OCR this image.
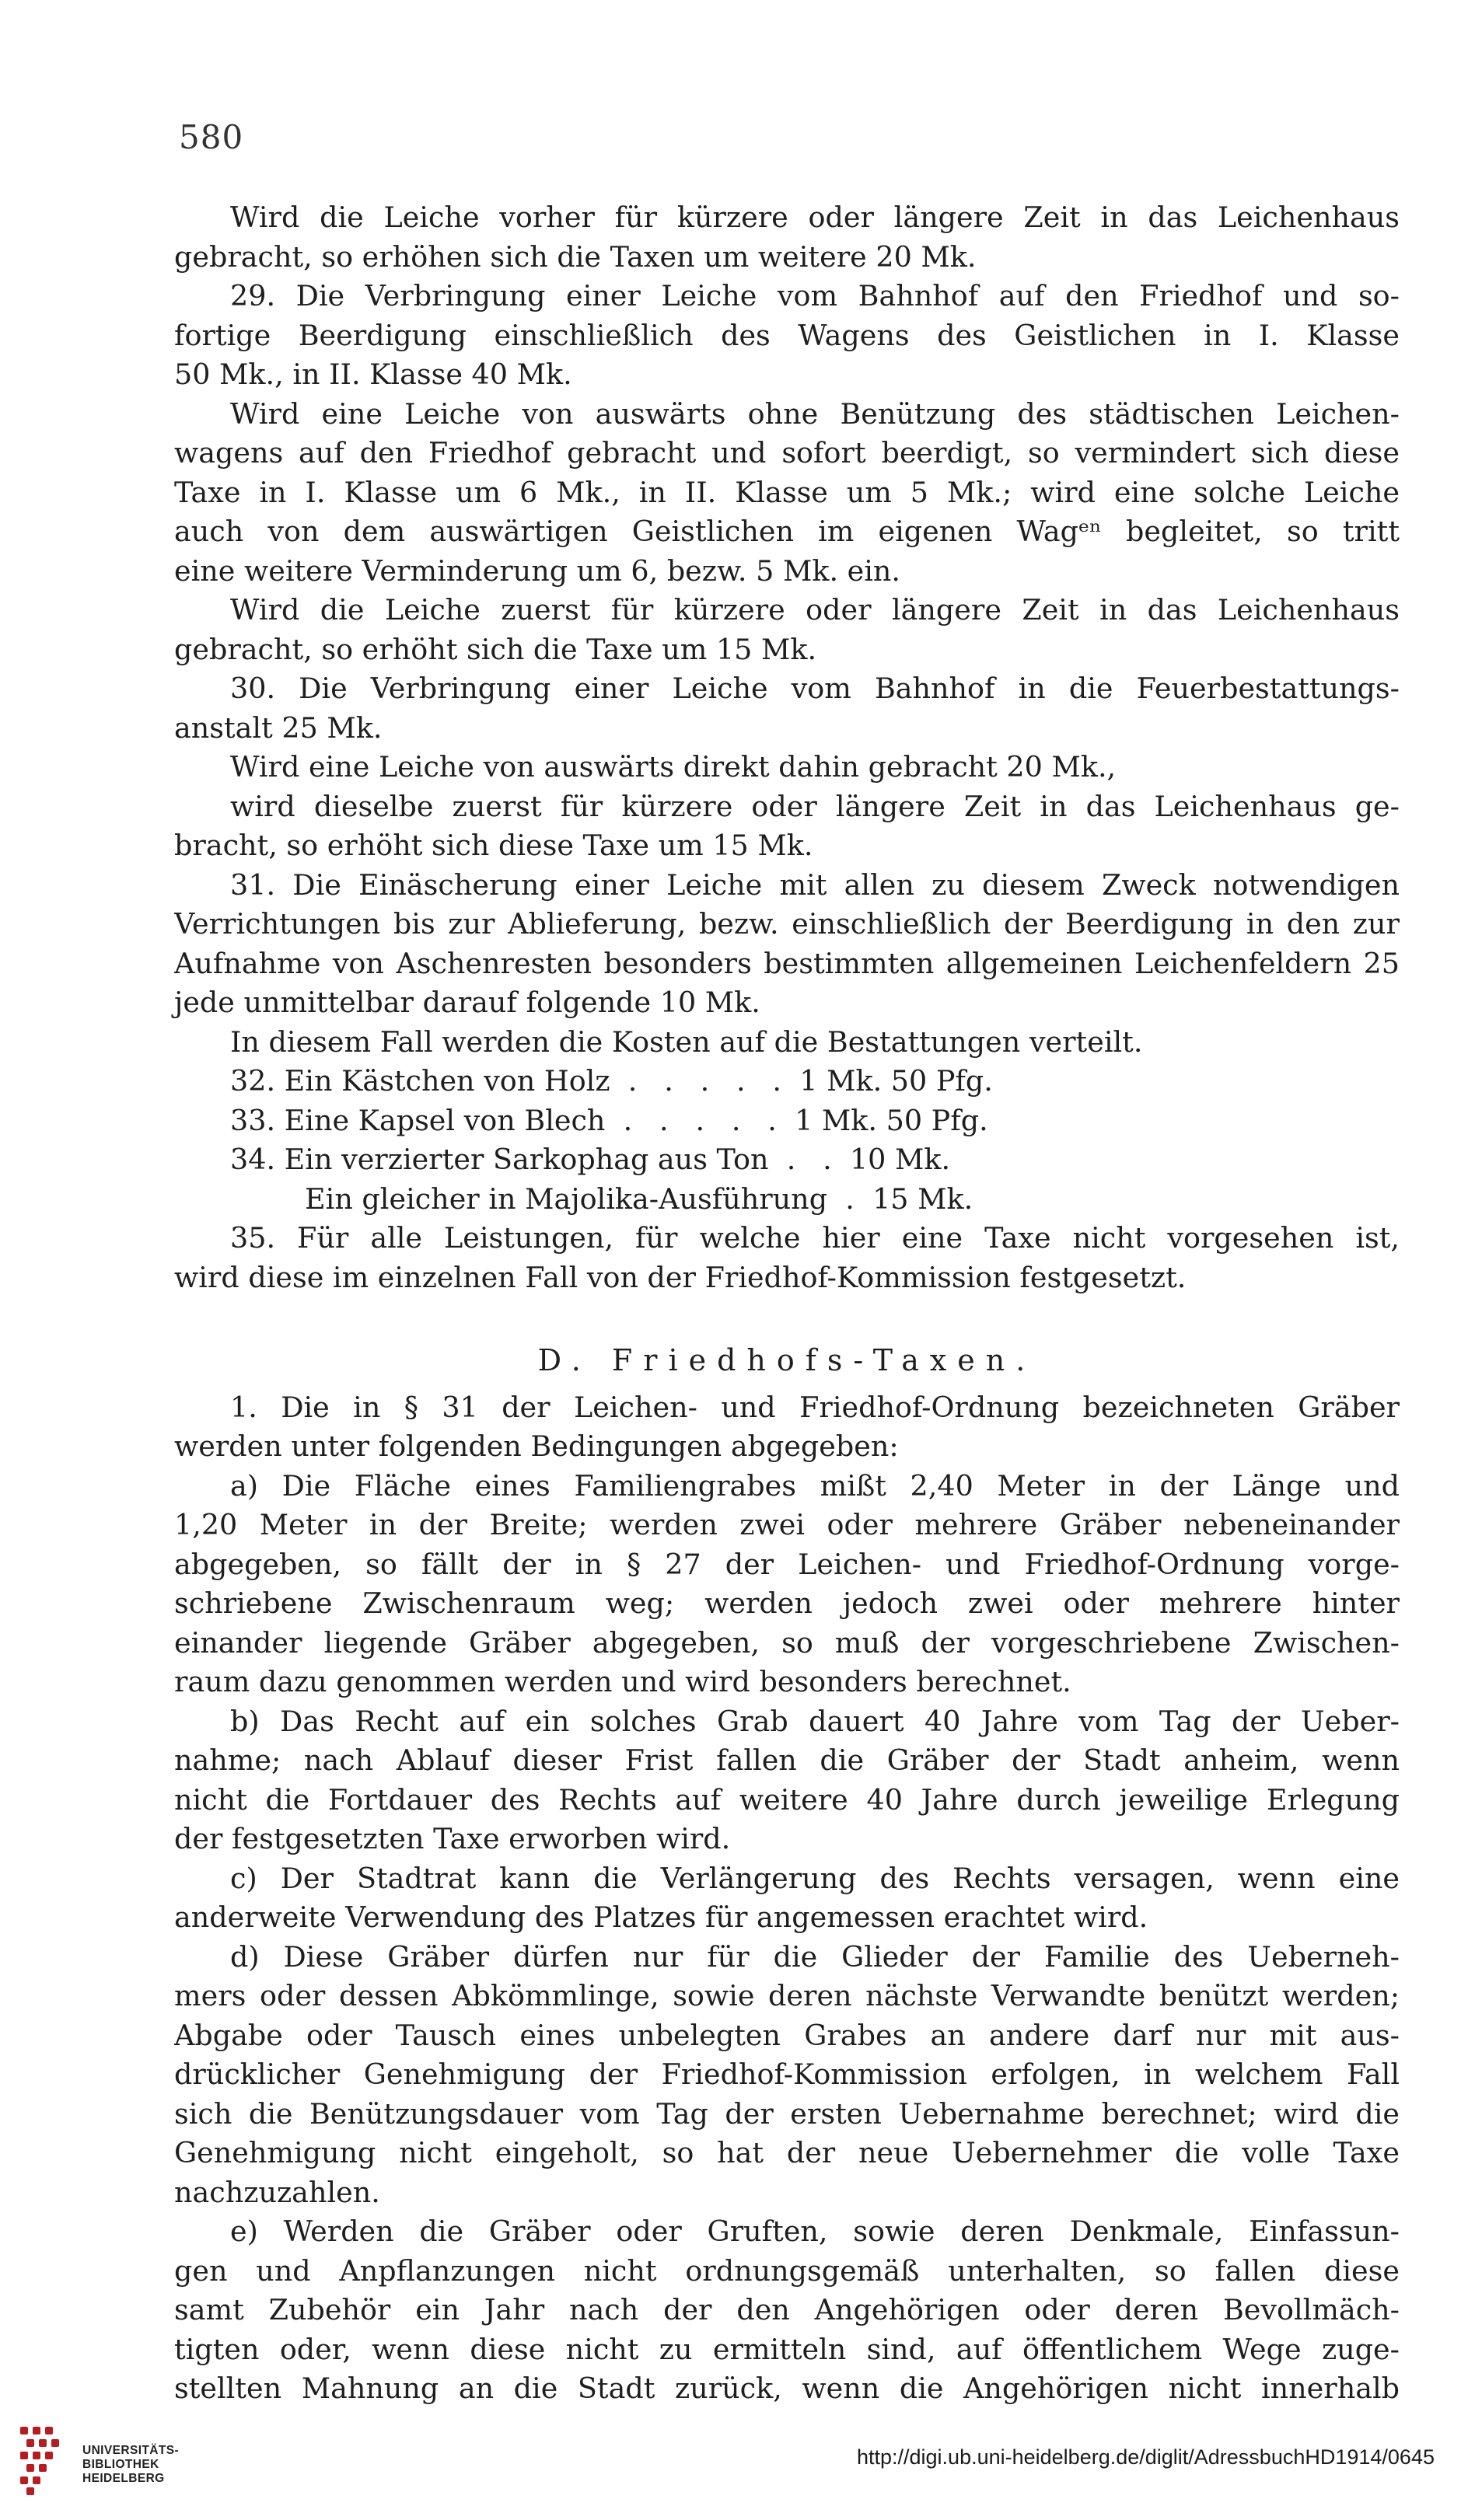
580
Wird die Leiche vorher für kürzere oder längere Zeit in das Leichenhaus
gebracht, so erhöhen sich die Taxen um weitere 20 Mk.
29. Die Verbringung einer Leiche vom Bahnhof auf den Friedhof und so-
fortige Beerdigung einschließlich des Wagens des Geistlichen in I. Klasse
50 Mk., in II. Klasse 40 Mk.
Wird eine Leiche von auswärts ohne Benützung des städtischen Leichen-
wagens auf den Friedhof gebracht und sofort beerdigt, so vermindert sich diese
Taxe in I. Klasse um 6 Mk., in II. Klasse um 5 Mk.; wird eine solche Leiche
auch von dem auswärtigen Geistlichen im eigenen Wagᵉⁿ begleitet, so tritt
eine weitere Verminderung um 6, bezw. 5 Mk. ein.
Wird die Leiche zuerst für kürzere oder längere Zeit in das Leichenhaus
gebracht, so erhöht sich die Taxe um 15 Mk.
30. Die Verbringung einer Leiche vom Bahnhof in die Feuerbestattungs-
anstalt 25 Mk.
Wird eine Leiche von auswärts direkt dahin gebracht 20 Mk.,
wird dieselbe zuerst für kürzere oder längere Zeit in das Leichenhaus ge-
bracht, so erhöht sich diese Taxe um 15 Mk.
31. Die Einäscherung einer Leiche mit allen zu diesem Zweck notwendigen
Verrichtungen bis zur Ablieferung, bezw. einschließlich der Beerdigung in den zur
Aufnahme von Aschenresten besonders bestimmten allgemeinen Leichenfeldern 25
jede unmittelbar darauf folgende 10 Mk.
In diesem Fall werden die Kosten auf die Bestattungen verteilt.
32. Ein Kästchen von Holz  .   .   .   .   .  1 Mk. 50 Pfg.
33. Eine Kapsel von Blech  .   .   .   .   .  1 Mk. 50 Pfg.
34. Ein verzierter Sarkophag aus Ton  .   .  10 Mk.
Ein gleicher in Majolika-Ausführung  .  15 Mk.
35. Für alle Leistungen, für welche hier eine Taxe nicht vorgesehen ist,
wird diese im einzelnen Fall von der Friedhof-Kommission festgesetzt.
D. Friedhofs-Taxen.
1. Die in § 31 der Leichen- und Friedhof-Ordnung bezeichneten Gräber
werden unter folgenden Bedingungen abgegeben:
a) Die Fläche eines Familiengrabes mißt 2,40 Meter in der Länge und
1,20 Meter in der Breite; werden zwei oder mehrere Gräber nebeneinander
abgegeben, so fällt der in § 27 der Leichen- und Friedhof-Ordnung vorge-
schriebene Zwischenraum weg; werden jedoch zwei oder mehrere hinter
einander liegende Gräber abgegeben, so muß der vorgeschriebene Zwischen-
raum dazu genommen werden und wird besonders berechnet.
b) Das Recht auf ein solches Grab dauert 40 Jahre vom Tag der Ueber-
nahme; nach Ablauf dieser Frist fallen die Gräber der Stadt anheim, wenn
nicht die Fortdauer des Rechts auf weitere 40 Jahre durch jeweilige Erlegung
der festgesetzten Taxe erworben wird.
c) Der Stadtrat kann die Verlängerung des Rechts versagen, wenn eine
anderweite Verwendung des Platzes für angemessen erachtet wird.
d) Diese Gräber dürfen nur für die Glieder der Familie des Uebernеh-
mers oder dessen Abkömmlinge, sowie deren nächste Verwandte benützt werden;
Abgabe oder Tausch eines unbelegten Grabes an andere darf nur mit aus-
drücklicher Genehmigung der Friedhof-Kommission erfolgen, in welchem Fall
sich die Benützungsdauer vom Tag der ersten Uebernahme berechnet; wird die
Genehmigung nicht eingeholt, so hat der neue Uebernehmer die volle Taxe
nachzuzahlen.
e) Werden die Gräber oder Gruften, sowie deren Denkmale, Einfassun-
gen und Anpflanzungen nicht ordnungsgemäß unterhalten, so fallen diese
samt Zubehör ein Jahr nach der den Angehörigen oder deren Bevollmäch-
tigten oder, wenn diese nicht zu ermitteln sind, auf öffentlichem Wege zuge-
stellten Mahnung an die Stadt zurück, wenn die Angehörigen nicht innerhalb
UNIVERSITÄTS-
BIBLIOTHEK
HEIDELBERG
http://digi.ub.uni-heidelberg.de/diglit/AdressbuchHD1914/0645
